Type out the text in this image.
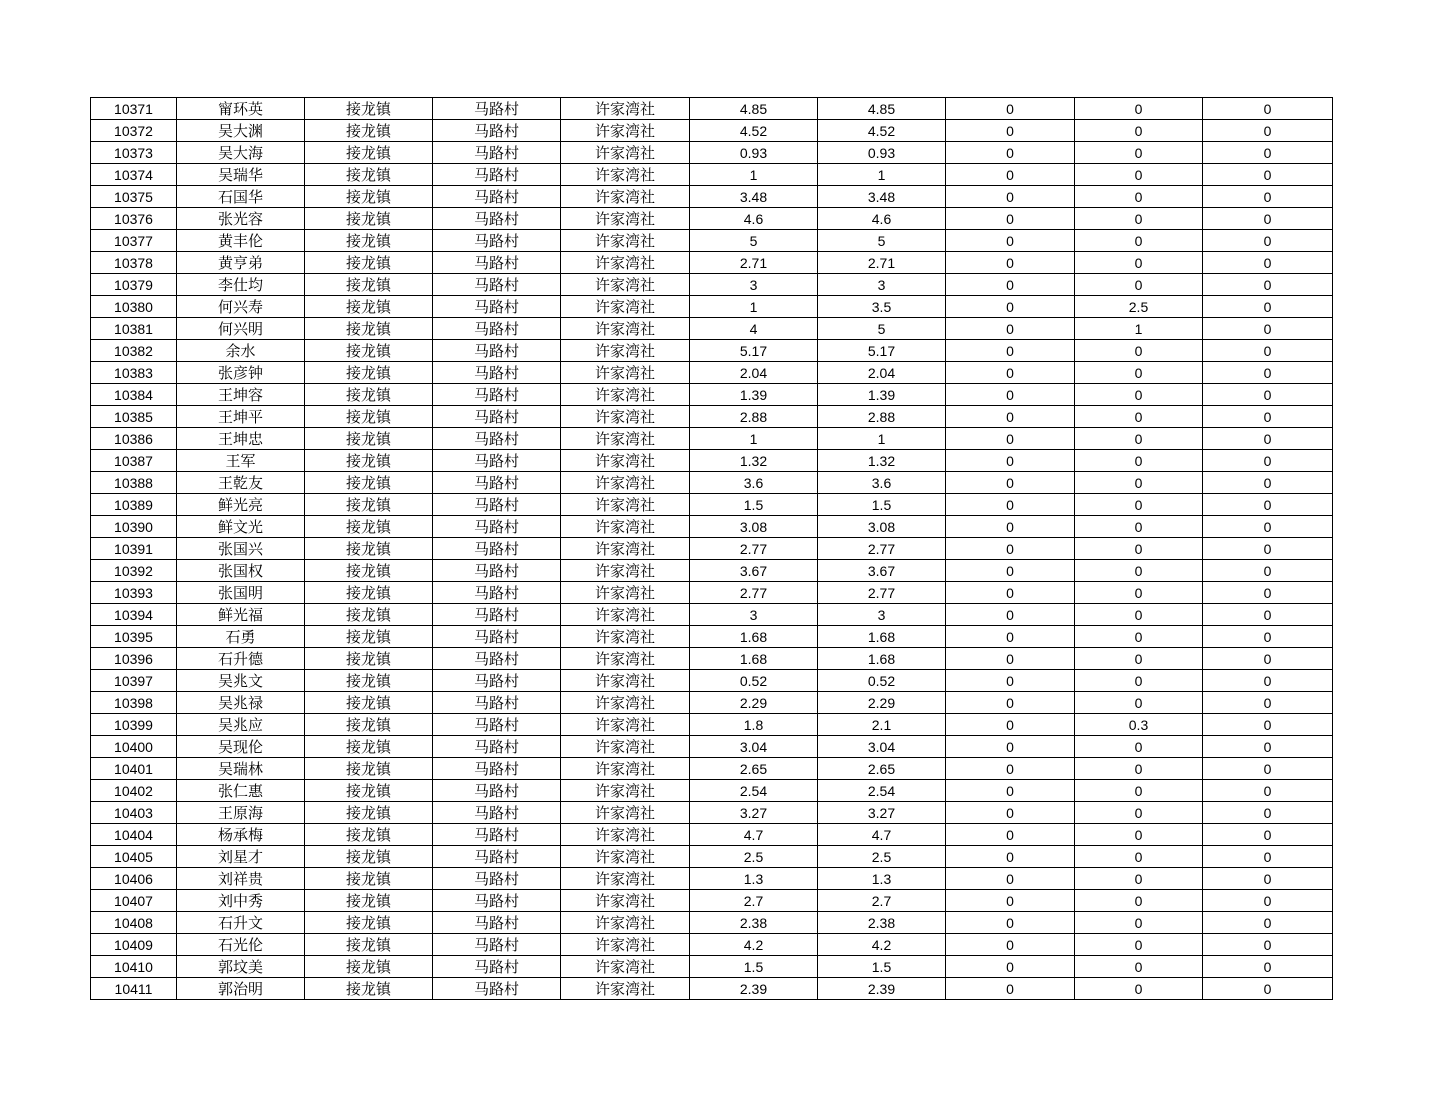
10371	甯环英	接龙镇	马路村	许家湾社	4.85	4.85	0	0	0
10372	吴大渊	接龙镇	马路村	许家湾社	4.52	4.52	0	0	0
10373	吴大海	接龙镇	马路村	许家湾社	0.93	0.93	0	0	0
10374	吴瑞华	接龙镇	马路村	许家湾社	1	1	0	0	0
10375	石国华	接龙镇	马路村	许家湾社	3.48	3.48	0	0	0
10376	张光容	接龙镇	马路村	许家湾社	4.6	4.6	0	0	0
10377	黄丰伦	接龙镇	马路村	许家湾社	5	5	0	0	0
10378	黄亨弟	接龙镇	马路村	许家湾社	2.71	2.71	0	0	0
10379	李仕均	接龙镇	马路村	许家湾社	3	3	0	0	0
10380	何兴寿	接龙镇	马路村	许家湾社	1	3.5	0	2.5	0
10381	何兴明	接龙镇	马路村	许家湾社	4	5	0	1	0
10382	余水	接龙镇	马路村	许家湾社	5.17	5.17	0	0	0
10383	张彦钟	接龙镇	马路村	许家湾社	2.04	2.04	0	0	0
10384	王坤容	接龙镇	马路村	许家湾社	1.39	1.39	0	0	0
10385	王坤平	接龙镇	马路村	许家湾社	2.88	2.88	0	0	0
10386	王坤忠	接龙镇	马路村	许家湾社	1	1	0	0	0
10387	王军	接龙镇	马路村	许家湾社	1.32	1.32	0	0	0
10388	王乾友	接龙镇	马路村	许家湾社	3.6	3.6	0	0	0
10389	鲜光亮	接龙镇	马路村	许家湾社	1.5	1.5	0	0	0
10390	鲜文光	接龙镇	马路村	许家湾社	3.08	3.08	0	0	0
10391	张国兴	接龙镇	马路村	许家湾社	2.77	2.77	0	0	0
10392	张国权	接龙镇	马路村	许家湾社	3.67	3.67	0	0	0
10393	张国明	接龙镇	马路村	许家湾社	2.77	2.77	0	0	0
10394	鲜光福	接龙镇	马路村	许家湾社	3	3	0	0	0
10395	石勇	接龙镇	马路村	许家湾社	1.68	1.68	0	0	0
10396	石升德	接龙镇	马路村	许家湾社	1.68	1.68	0	0	0
10397	吴兆文	接龙镇	马路村	许家湾社	0.52	0.52	0	0	0
10398	吴兆禄	接龙镇	马路村	许家湾社	2.29	2.29	0	0	0
10399	吴兆应	接龙镇	马路村	许家湾社	1.8	2.1	0	0.3	0
10400	吴现伦	接龙镇	马路村	许家湾社	3.04	3.04	0	0	0
10401	吴瑞林	接龙镇	马路村	许家湾社	2.65	2.65	0	0	0
10402	张仁惠	接龙镇	马路村	许家湾社	2.54	2.54	0	0	0
10403	王原海	接龙镇	马路村	许家湾社	3.27	3.27	0	0	0
10404	杨承梅	接龙镇	马路村	许家湾社	4.7	4.7	0	0	0
10405	刘星才	接龙镇	马路村	许家湾社	2.5	2.5	0	0	0
10406	刘祥贵	接龙镇	马路村	许家湾社	1.3	1.3	0	0	0
10407	刘中秀	接龙镇	马路村	许家湾社	2.7	2.7	0	0	0
10408	石升文	接龙镇	马路村	许家湾社	2.38	2.38	0	0	0
10409	石光伦	接龙镇	马路村	许家湾社	4.2	4.2	0	0	0
10410	郭坟美	接龙镇	马路村	许家湾社	1.5	1.5	0	0	0
10411	郭治明	接龙镇	马路村	许家湾社	2.39	2.39	0	0	0
